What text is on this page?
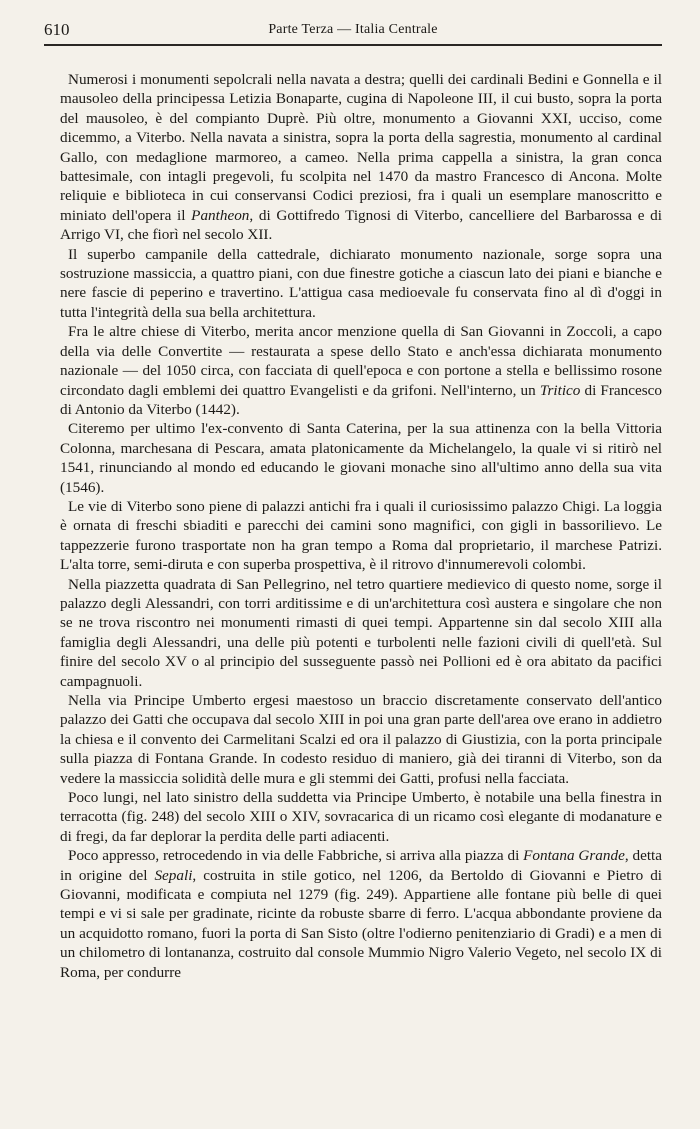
610	Parte Terza — Italia Centrale

Numerosi i monumenti sepolcrali nella navata a destra; quelli dei cardinali Bedini e Gonnella e il mausoleo della principessa Letizia Bonaparte, cugina di Napoleone III, il cui busto, sopra la porta del mausoleo, è del compianto Duprè. Più oltre, monumento a Giovanni XXI, ucciso, come dicemmo, a Viterbo. Nella navata a sinistra, sopra la porta della sagrestia, monumento al cardinal Gallo, con medaglione marmoreo, a cameo. Nella prima cappella a sinistra, la gran conca battesimale, con intagli pregevoli, fu scolpita nel 1470 da mastro Francesco di Ancona. Molte reliquie e biblioteca in cui conservansi Codici preziosi, fra i quali un esemplare manoscritto e miniato dell'opera il Pantheon, di Gottifredo Tignosi di Viterbo, cancelliere del Barbarossa e di Arrigo VI, che fiorì nel secolo XII.

Il superbo campanile della cattedrale, dichiarato monumento nazionale, sorge sopra una sostruzione massiccia, a quattro piani, con due finestre gotiche a ciascun lato dei piani e bianche e nere fascie di peperino e travertino. L'attigua casa medioevale fu conservata fino al dì d'oggi in tutta l'integrità della sua bella architettura.

Fra le altre chiese di Viterbo, merita ancor menzione quella di San Giovanni in Zoccoli, a capo della via delle Convertite — restaurata a spese dello Stato e anch'essa dichiarata monumento nazionale — del 1050 circa, con facciata di quell'epoca e con portone a stella e bellissimo rosone circondato dagli emblemi dei quattro Evangelisti e da grifoni. Nell'interno, un Tritico di Francesco di Antonio da Viterbo (1442).

Citeremo per ultimo l'ex-convento di Santa Caterina, per la sua attinenza con la bella Vittoria Colonna, marchesana di Pescara, amata platonicamente da Michelangelo, la quale vi si ritirò nel 1541, rinunciando al mondo ed educando le giovani monache sino all'ultimo anno della sua vita (1546).

Le vie di Viterbo sono piene di palazzi antichi fra i quali il curiosissimo palazzo Chigi. La loggia è ornata di freschi sbiaditi e parecchi dei camini sono magnifici, con gigli in bassorilievo. Le tappezzerie furono trasportate non ha gran tempo a Roma dal proprietario, il marchese Patrizi. L'alta torre, semi-diruta e con superba prospettiva, è il ritrovo d'innumerevoli colombi.

Nella piazzetta quadrata di San Pellegrino, nel tetro quartiere medievico di questo nome, sorge il palazzo degli Alessandri, con torri arditissime e di un'architettura così austera e singolare che non se ne trova riscontro nei monumenti rimasti di quei tempi. Appartenne sin dal secolo XIII alla famiglia degli Alessandri, una delle più potenti e turbolenti nelle fazioni civili di quell'età. Sul finire del secolo XV o al principio del susseguente passò nei Pollioni ed è ora abitato da pacifici campagnuoli.

Nella via Principe Umberto ergesi maestoso un braccio discretamente conservato dell'antico palazzo dei Gatti che occupava dal secolo XIII in poi una gran parte dell'area ove erano in addietro la chiesa e il convento dei Carmelitani Scalzi ed ora il palazzo di Giustizia, con la porta principale sulla piazza di Fontana Grande. In codesto residuo di maniero, già dei tiranni di Viterbo, son da vedere la massiccia solidità delle mura e gli stemmi dei Gatti, profusi nella facciata.

Poco lungi, nel lato sinistro della suddetta via Principe Umberto, è notabile una bella finestra in terracotta (fig. 248) del secolo XIII o XIV, sovracarica di un ricamo così elegante di modanature e di fregi, da far deplorar la perdita delle parti adiacenti.

Poco appresso, retrocedendo in via delle Fabbriche, si arriva alla piazza di Fontana Grande, detta in origine del Sepali, costruita in stile gotico, nel 1206, da Bertoldo di Giovanni e Pietro di Giovanni, modificata e compiuta nel 1279 (fig. 249). Appartiene alle fontane più belle di quei tempi e vi si sale per gradinate, ricinte da robuste sbarre di ferro. L'acqua abbondante proviene da un acquidotto romano, fuori la porta di San Sisto (oltre l'odierno penitenziario di Gradi) e a men di un chilometro di lontananza, costruito dal console Mummio Nigro Valerio Vegeto, nel secolo IX di Roma, per condurre
